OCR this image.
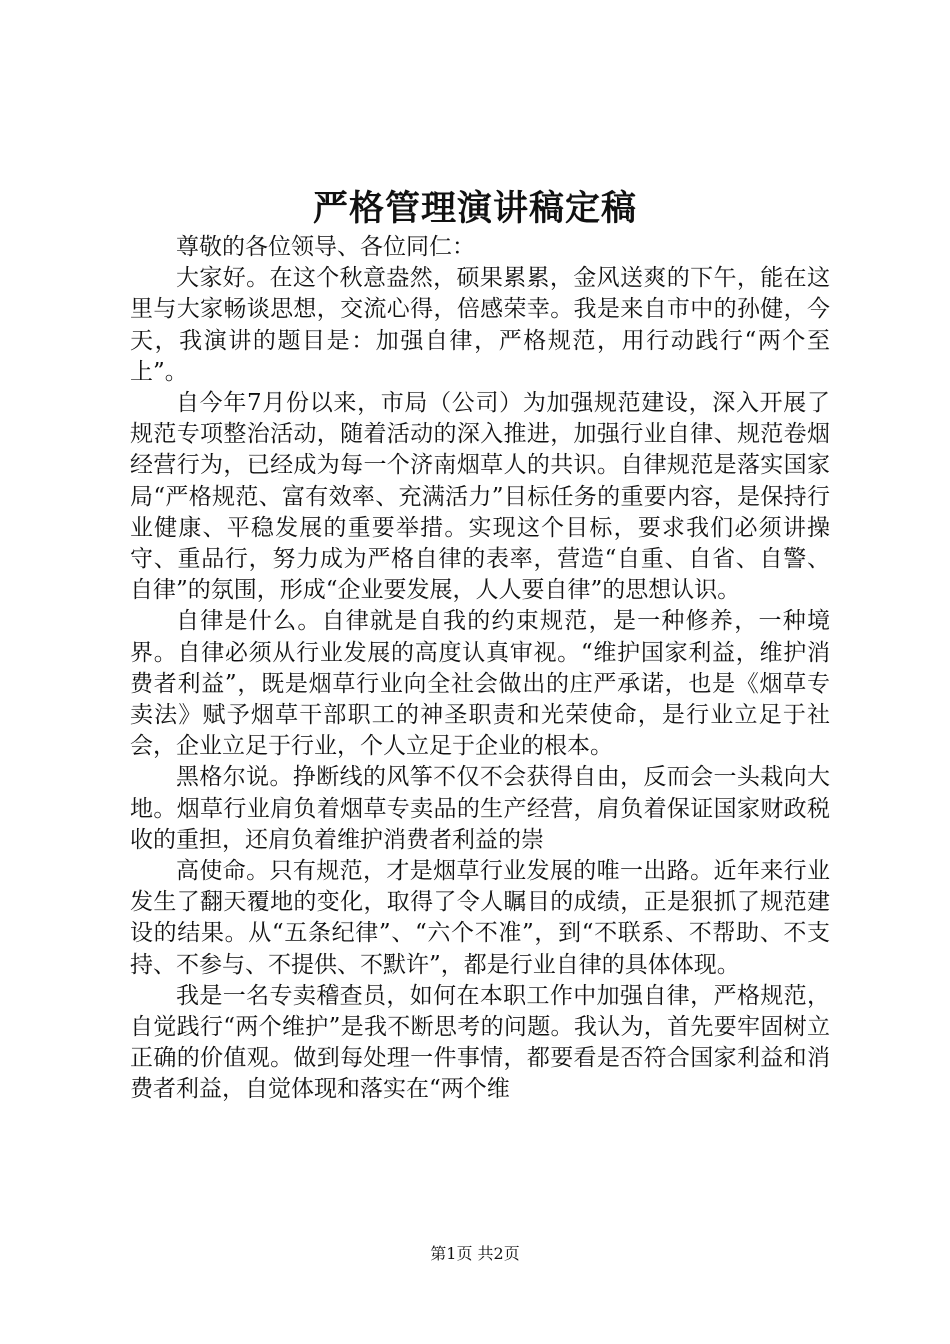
严格管理演讲稿定稿

尊敬的各位领导、各位同仁：

大家好。在这个秋意盎然，硕果累累，金风送爽的下午，能在这里与大家畅谈思想，交流心得，倍感荣幸。我是来自市中的孙健，今天，我演讲的题目是：加强自律，严格规范，用行动践行“两个至上”。

自今年7月份以来，市局（公司）为加强规范建设，深入开展了规范专项整治活动，随着活动的深入推进，加强行业自律、规范卷烟经营行为，已经成为每一个济南烟草人的共识。自律规范是落实国家局“严格规范、富有效率、充满活力”目标任务的重要内容，是保持行业健康、平稳发展的重要举措。实现这个目标，要求我们必须讲操守、重品行，努力成为严格自律的表率，营造“自重、自省、自警、自律”的氛围，形成“企业要发展，人人要自律”的思想认识。

自律是什么。自律就是自我的约束规范，是一种修养，一种境界。自律必须从行业发展的高度认真审视。“维护国家利益，维护消费者利益”，既是烟草行业向全社会做出的庄严承诺，也是《烟草专卖法》赋予烟草干部职工的神圣职责和光荣使命，是行业立足于社会，企业立足于行业，个人立足于企业的根本。

黑格尔说。挣断线的风筝不仅不会获得自由，反而会一头栽向大地。烟草行业肩负着烟草专卖品的生产经营，肩负着保证国家财政税收的重担，还肩负着维护消费者利益的崇

高使命。只有规范，才是烟草行业发展的唯一出路。近年来行业发生了翻天覆地的变化，取得了令人瞩目的成绩，正是狠抓了规范建设的结果。从“五条纪律”、“六个不准”，到“不联系、不帮助、不支持、不参与、不提供、不默许”，都是行业自律的具体体现。

我是一名专卖稽查员，如何在本职工作中加强自律，严格规范，自觉践行“两个维护”是我不断思考的问题。我认为，首先要牢固树立正确的价值观。做到每处理一件事情，都要看是否符合国家利益和消费者利益，自觉体现和落实在“两个维

第1页 共2页
